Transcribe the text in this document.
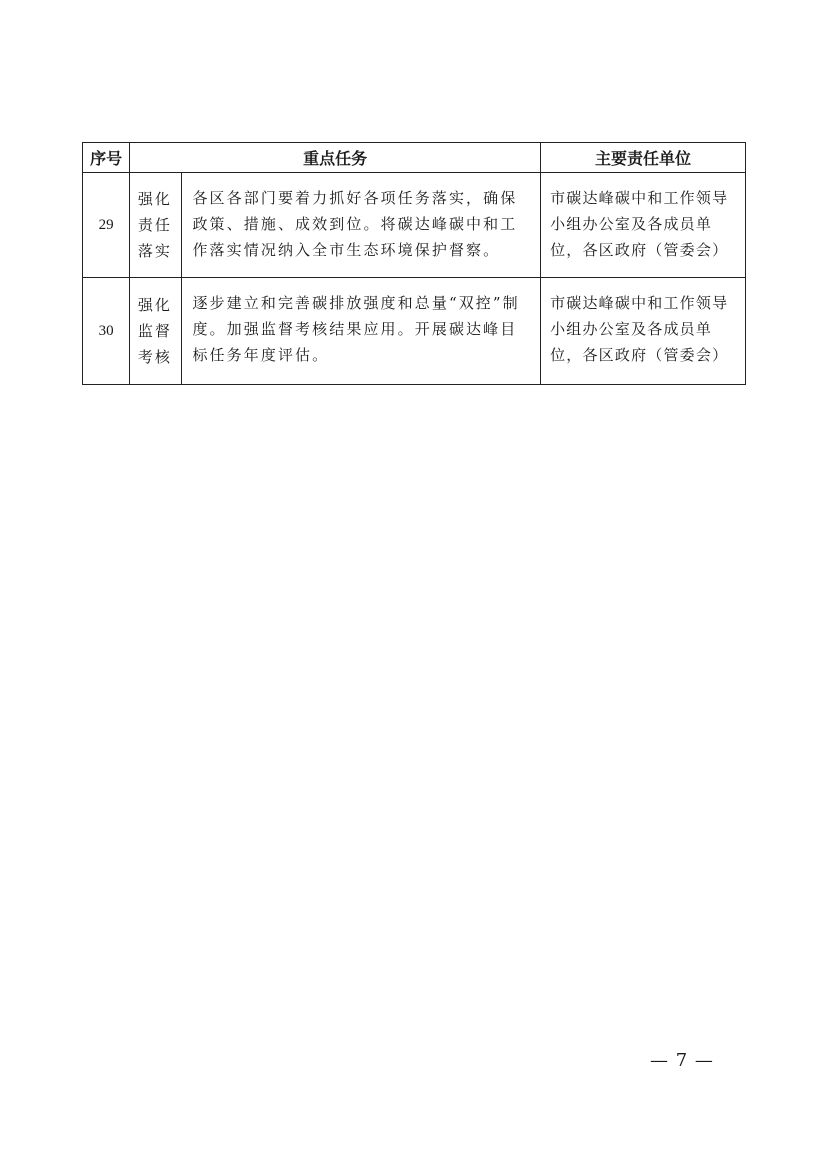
序号	重点任务		主要责任单位
29	强化责任落实	各区各部门要着力抓好各项任务落实，确保政策、措施、成效到位。将碳达峰碳中和工作落实情况纳入全市生态环境保护督察。	市碳达峰碳中和工作领导小组办公室及各成员单位，各区政府（管委会）

30	强化监督考核	逐步建立和完善碳排放强度和总量“双控”制度。加强监督考核结果应用。开展碳达峰目标任务年度评估。	市碳达峰碳中和工作领导小组办公室及各成员单位，各区政府（管委会）
— 7 —
